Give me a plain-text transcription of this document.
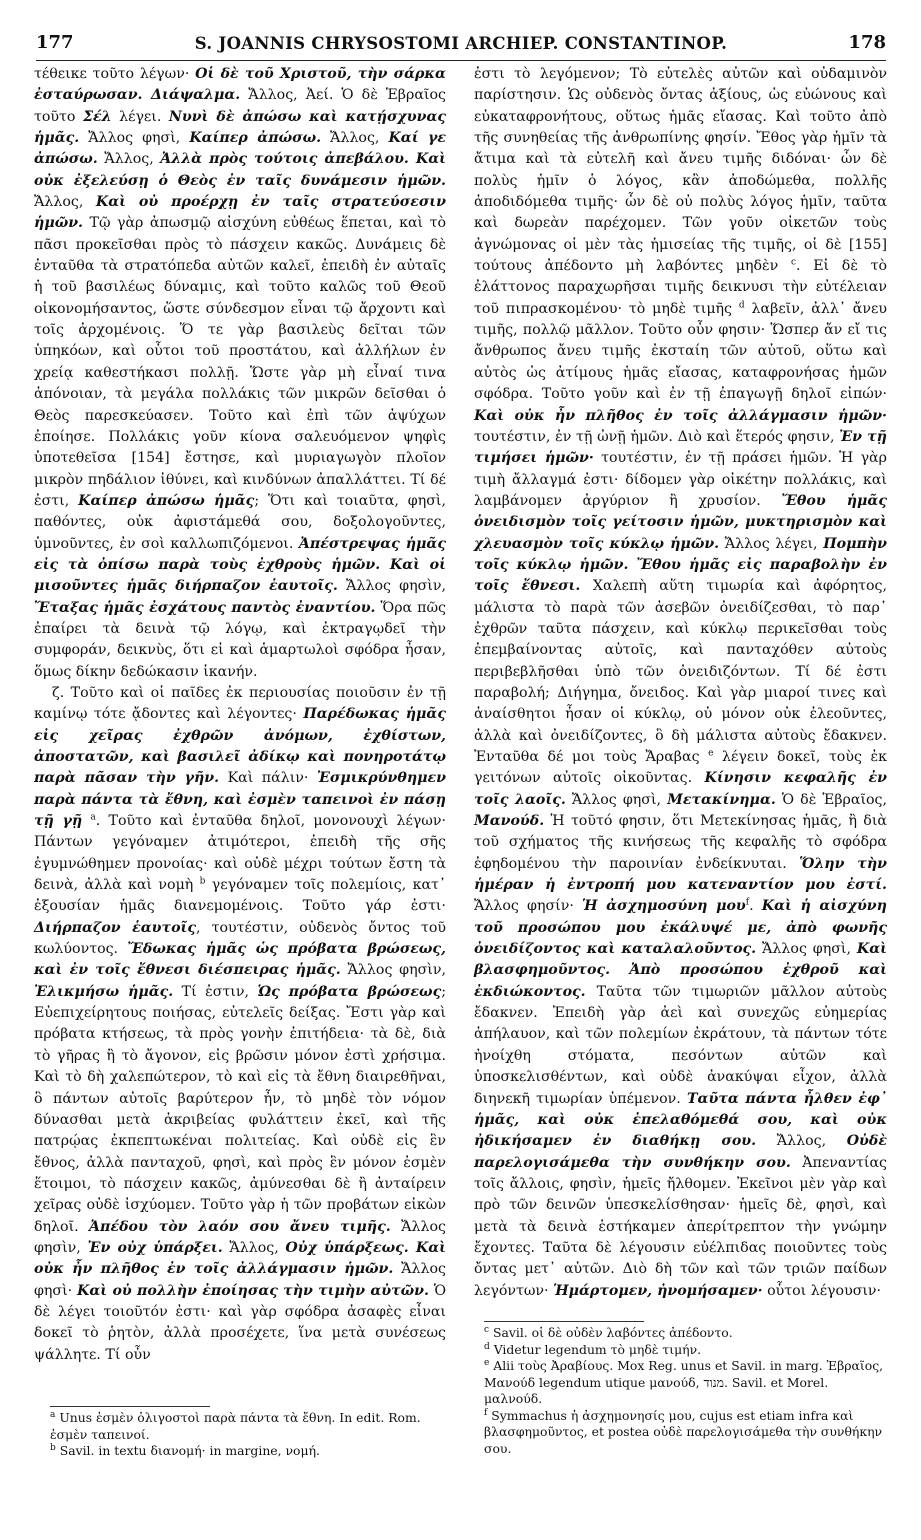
177	S. JOANNIS CHRYSOSTOMI ARCHIEP. CONSTANTINOP.	178

τέθεικε τοῦτο λέγων· Οἱ δὲ τοῦ Χριστοῦ, τὴν σάρκα ἐσταύρωσαν. Διάψαλμα. Ἄλλος, Ἀεί. Ὁ δὲ Ἑβραῖος τοῦτο Σέλ λέγει. Νυνὶ δὲ ἀπώσω καὶ κατῄσχυνας ἡμᾶς. Ἄλλος φησὶ, Καίπερ ἀπώσω. Ἄλλος, Καί γε ἀπώσω. Ἄλλος, Ἀλλὰ πρὸς τούτοις ἀπεβάλου. Καὶ οὐκ ἐξελεύσῃ ὁ Θεὸς ἐν ταῖς δυνάμεσιν ἡμῶν. Ἄλλος, Καὶ οὐ προέρχῃ ἐν ταῖς στρατεύσεσιν ἡμῶν. Τῷ γὰρ ἀπωσμῷ αἰσχύνη εὐθέως ἕπεται, καὶ τὸ πᾶσι προκεῖσθαι πρὸς τὸ πάσχειν κακῶς. Δυνάμεις δὲ ἐνταῦθα τὰ στρατόπεδα αὐτῶν καλεῖ, ἐπειδὴ ἐν αὐταῖς ἡ τοῦ βασιλέως δύναμις, καὶ τοῦτο καλῶς τοῦ Θεοῦ οἰκονομήσαντος, ὥστε σύνδεσμον εἶναι τῷ ἄρχοντι καὶ τοῖς ἀρχομένοις. Ὅ τε γὰρ βασιλεὺς δεῖται τῶν ὑπηκόων, καὶ οὗτοι τοῦ προστάτου, καὶ ἀλλήλων ἐν χρείᾳ καθεστήκασι πολλῇ. Ὥστε γὰρ μὴ εἶναί τινα ἀπόνοιαν, τὰ μεγάλα πολλάκις τῶν μικρῶν δεῖσθαι ὁ Θεὸς παρεσκεύασεν. Τοῦτο καὶ ἐπὶ τῶν ἀψύχων ἐποίησε. Πολλάκις γοῦν κίονα σαλευόμενον ψηφὶς ὑποτεθεῖσα [154] ἔστησε, καὶ μυριαγωγὸν πλοῖον μικρὸν πηδάλιον ἰθύνει, καὶ κινδύνων ἀπαλλάττει. Τί δέ ἐστι, Καίπερ ἀπώσω ἡμᾶς; Ὅτι καὶ τοιαῦτα, φησὶ, παθόντες, οὐκ ἀφιστάμεθά σου, δοξολογοῦντες, ὑμνοῦντες, ἐν σοὶ καλλωπιζόμενοι. Ἀπέστρεψας ἡμᾶς εἰς τὰ ὀπίσω παρὰ τοὺς ἐχθροὺς ἡμῶν. Καὶ οἱ μισοῦντες ἡμᾶς διήρπαζον ἑαυτοῖς. Ἄλλος φησὶν, Ἔταξας ἡμᾶς ἐσχάτους παντὸς ἐναντίου. Ὅρα πῶς ἐπαίρει τὰ δεινὰ τῷ λόγῳ, καὶ ἐκτραγῳδεῖ τὴν συμφοράν, δεικνὺς, ὅτι εἰ καὶ ἁμαρτωλοὶ σφόδρα ἦσαν, ὅμως δίκην δεδώκασιν ἱκανήν.

ζ. Τοῦτο καὶ οἱ παῖδες ἐκ περιουσίας ποιοῦσιν ἐν τῇ καμίνῳ τότε ᾄδοντες καὶ λέγοντες· Παρέδωκας ἡμᾶς εἰς χεῖρας ἐχθρῶν ἀνόμων, ἐχθίστων, ἀποστατῶν, καὶ βασιλεῖ ἀδίκῳ καὶ πονηροτάτῳ παρὰ πᾶσαν τὴν γῆν. Καὶ πάλιν· Ἐσμικρύνθημεν παρὰ πάντα τὰ ἔθνη, καὶ ἐσμὲν ταπεινοὶ ἐν πάσῃ τῇ γῇ $^a$. Τοῦτο καὶ ἐνταῦθα δηλοῖ, μονονουχὶ λέγων· Πάντων γεγόναμεν ἀτιμότεροι, ἐπειδὴ τῆς σῆς ἐγυμνώθημεν προνοίας· καὶ οὐδὲ μέχρι τούτων ἔστη τὰ δεινὰ, ἀλλὰ καὶ νομὴ $^b$ γεγόναμεν τοῖς πολεμίοις, κατ᾽ ἐξουσίαν ἡμᾶς διανεμομένοις. Τοῦτο γάρ ἐστι· Διήρπαζον ἑαυτοῖς, τουτέστιν, οὐδενὸς ὄντος τοῦ κωλύοντος. Ἔδωκας ἡμᾶς ὡς πρόβατα βρώσεως, καὶ ἐν τοῖς ἔθνεσι διέσπειρας ἡμᾶς. Ἄλλος φησὶν, Ἐλικμήσω ἡμᾶς. Τί ἐστιν, Ὡς πρόβατα βρώσεως; Εὐεπιχείρητους ποιήσας, εὐτελεῖς δείξας. Ἔστι γὰρ καὶ πρόβατα κτήσεως, τὰ πρὸς γονὴν ἐπιτήδεια· τὰ δὲ, διὰ τὸ γῆρας ἢ τὸ ἄγονον, εἰς βρῶσιν μόνον ἐστὶ χρήσιμα. Καὶ τὸ δὴ χαλεπώτερον, τὸ καὶ εἰς τὰ ἔθνη διαιρεθῆναι, ὃ πάντων αὐτοῖς βαρύτερον ἦν, τὸ μηδὲ τὸν νόμον δύνασθαι μετὰ ἀκριβείας φυλάττειν ἐκεῖ, καὶ τῆς πατρῴας ἐκπεπτωκέναι πολιτείας. Καὶ οὐδὲ εἰς ἓν ἔθνος, ἀλλὰ πανταχοῦ, φησὶ, καὶ πρὸς ἓν μόνον ἐσμὲν ἕτοιμοι, τὸ πάσχειν κακῶς, ἀμύνεσθαι δὲ ἢ ἀνταίρειν χεῖρας οὐδὲ ἰσχύομεν. Τοῦτο γὰρ ἡ τῶν προβάτων εἰκὼν δηλοῖ. Ἀπέδου τὸν λαόν σου ἄνευ τιμῆς. Ἄλλος φησὶν, Ἐν οὐχ ὑπάρξει. Ἄλλος, Οὐχ ὑπάρξεως. Καὶ οὐκ ἦν πλῆθος ἐν τοῖς ἀλλάγμασιν ἡμῶν. Ἄλλος φησὶ· Καὶ οὐ πολλὴν ἐποίησας τὴν τιμὴν αὐτῶν. Ὁ δὲ λέγει τοιοῦτόν ἐστι· καὶ γὰρ σφόδρα ἀσαφὲς εἶναι δοκεῖ τὸ ῥητὸν, ἀλλὰ προσέχετε, ἵνα μετὰ συνέσεως ψάλλητε. Τί οὖν

ἐστι τὸ λεγόμενον; Τὸ εὐτελὲς αὐτῶν καὶ οὐδαμινὸν παρίστησιν. Ὡς οὐδενὸς ὄντας ἀξίους, ὡς εὐώνους καὶ εὐκαταφρονήτους, οὕτως ἡμᾶς εἴασας. Καὶ τοῦτο ἀπὸ τῆς συνηθείας τῆς ἀνθρωπίνης φησίν. Ἔθος γὰρ ἡμῖν τὰ ἄτιμα καὶ τὰ εὐτελῆ καὶ ἄνευ τιμῆς διδόναι· ὧν δὲ πολὺς ἡμῖν ὁ λόγος, κἂν ἀποδώμεθα, πολλῆς ἀποδιδόμεθα τιμῆς· ὧν δὲ οὐ πολὺς λόγος ἡμῖν, ταῦτα καὶ δωρεὰν παρέχομεν. Τῶν γοῦν οἰκετῶν τοὺς ἀγνώμονας οἱ μὲν τὰς ἡμισείας τῆς τιμῆς, οἱ δὲ [155] τούτους ἀπέδοντο μὴ λαβόντες μηδὲν $^c$. Εἰ δὲ τὸ ἐλάττονος παραχωρῆσαι τιμῆς δεικνυσι τὴν εὐτέλειαν τοῦ πιπρασκομένου· τὸ μηδὲ τιμῆς $^d$ λαβεῖν, ἀλλ᾽ ἄνευ τιμῆς, πολλῷ μᾶλλον. Τοῦτο οὖν φησιν· Ὥσπερ ἄν εἴ τις ἄνθρωπος ἄνευ τιμῆς ἐκσταίη τῶν αὐτοῦ, οὕτω καὶ αὐτὸς ὡς ἀτίμους ἡμᾶς εἴασας, καταφρονήσας ἡμῶν σφόδρα. Τοῦτο γοῦν καὶ ἐν τῇ ἐπαγωγῇ δηλοῖ εἰπών· Καὶ οὐκ ἦν πλῆθος ἐν τοῖς ἀλλάγμασιν ἡμῶν· τουτέστιν, ἐν τῇ ὠνῇ ἡμῶν. Διὸ καὶ ἕτερός φησιν, Ἐν τῇ τιμήσει ἡμῶν· τουτέστιν, ἐν τῇ πράσει ἡμῶν. Ἡ γὰρ τιμὴ ἄλλαγμά ἐστι· δίδομεν γὰρ οἰκέτην πολλάκις, καὶ λαμβάνομεν ἀργύριον ἢ χρυσίον. Ἔθου ἡμᾶς ὀνειδισμὸν τοῖς γείτοσιν ἡμῶν, μυκτηρισμὸν καὶ χλευασμὸν τοῖς κύκλῳ ἡμῶν. Ἄλλος λέγει, Πομπὴν τοῖς κύκλῳ ἡμῶν. Ἔθου ἡμᾶς εἰς παραβολὴν ἐν τοῖς ἔθνεσι. Χαλεπὴ αὕτη τιμωρία καὶ ἀφόρητος, μάλιστα τὸ παρὰ τῶν ἀσεβῶν ὀνειδίζεσθαι, τὸ παρ᾽ ἐχθρῶν ταῦτα πάσχειν, καὶ κύκλῳ περικεῖσθαι τοὺς ἐπεμβαίνοντας αὐτοῖς, καὶ πανταχόθεν αὐτοὺς περιβεβλῆσθαι ὑπὸ τῶν ὀνειδιζόντων. Τί δέ ἐστι παραβολή; Διήγημα, ὄνειδος. Καὶ γὰρ μιαροί τινες καὶ ἀναίσθητοι ἦσαν οἱ κύκλῳ, οὐ μόνον οὐκ ἐλεοῦντες, ἀλλὰ καὶ ὀνειδίζοντες, ὃ δὴ μάλιστα αὐτοὺς ἔδακνεν. Ἐνταῦθα δέ μοι τοὺς Ἄραβας $^e$ λέγειν δοκεῖ, τοὺς ἐκ γειτόνων αὐτοῖς οἰκοῦντας. Κίνησιν κεφαλῆς ἐν τοῖς λαοῖς. Ἄλλος φησὶ, Μετακίνημα. Ὁ δὲ Ἑβραῖος, Μανούδ. Ἡ τοῦτό φησιν, ὅτι Μετεκίνησας ἡμᾶς, ἢ διὰ τοῦ σχήματος τῆς κινήσεως τῆς κεφαλῆς τὸ σφόδρα ἐφηδομένου τὴν παροινίαν ἐνδείκνυται. Ὅλην τὴν ἡμέραν ἡ ἐντροπή μου κατεναντίον μου ἐστί. Ἄλλος φησίν· Ἡ ἀσχημοσύνη μου$^f$. Καὶ ἡ αἰσχύνη τοῦ προσώπου μου ἐκάλυψέ με, ἀπὸ φωνῆς ὀνειδίζοντος καὶ καταλαλοῦντος. Ἄλλος φησὶ, Καὶ βλασφημοῦντος. Ἀπὸ προσώπου ἐχθροῦ καὶ ἐκδιώκοντος. Ταῦτα τῶν τιμωριῶν μᾶλλον αὐτοὺς ἔδακνεν. Ἐπειδὴ γὰρ ἀεὶ καὶ συνεχῶς εὐημερίας ἀπήλαυον, καὶ τῶν πολεμίων ἐκράτουν, τὰ πάντων τότε ἠνοίχθη στόματα, πεσόντων αὐτῶν καὶ ὑποσκελισθέντων, καὶ οὐδὲ ἀνακύψαι εἶχον, ἀλλὰ διηνεκῆ τιμωρίαν ὑπέμενον. Ταῦτα πάντα ἦλθεν ἐφ᾽ ἡμᾶς, καὶ οὐκ ἐπελαθόμεθά σου, καὶ οὐκ ἠδικήσαμεν ἐν διαθήκῃ σου. Ἄλλος, Οὐδὲ παρελογισάμεθα τὴν συνθήκην σου. Ἀπεναντίας τοῖς ἄλλοις, φησὶν, ἡμεῖς ἤλθομεν. Ἐκεῖνοι μὲν γὰρ καὶ πρὸ τῶν δεινῶν ὑπεσκελίσθησαν· ἡμεῖς δὲ, φησὶ, καὶ μετὰ τὰ δεινὰ ἑστήκαμεν ἀπερίτρεπτον τὴν γνώμην ἔχοντες. Ταῦτα δὲ λέγουσιν εὐέλπιδας ποιοῦντες τοὺς ὄντας μετ᾽ αὐτῶν. Διὸ δὴ τῶν καὶ τῶν τριῶν παίδων λεγόντων· Ἡμάρτομεν, ἠνομήσαμεν· οὗτοι λέγουσιν·

$^a$ Unus ἐσμὲν ὀλιγοστοὶ παρὰ πάντα τὰ ἔθνη. In edit. Rom. ἐσμὲν ταπεινοί.

$^b$ Savil. in textu διανομή· in margine, νομή.

$^c$ Savil. οἱ δὲ οὐδὲν λαβόντες ἀπέδοντο.

$^d$ Videtur legendum τὸ μηδὲ τιμήν.

$^e$ Alii τοὺς Ἀραβίους. Mox Reg. unus et Savil. in marg. Ἑβραῖος, Μανούδ legendum utique μανούδ, מנוד. Savil. et Morel. μαλνούδ.

$^f$ Symmachus ἡ ἀσχημονησίς μου, cujus est etiam infra καὶ βλασφημοῦντος, et postea οὐδὲ παρελογισάμεθα τὴν συνθήκην σου.
